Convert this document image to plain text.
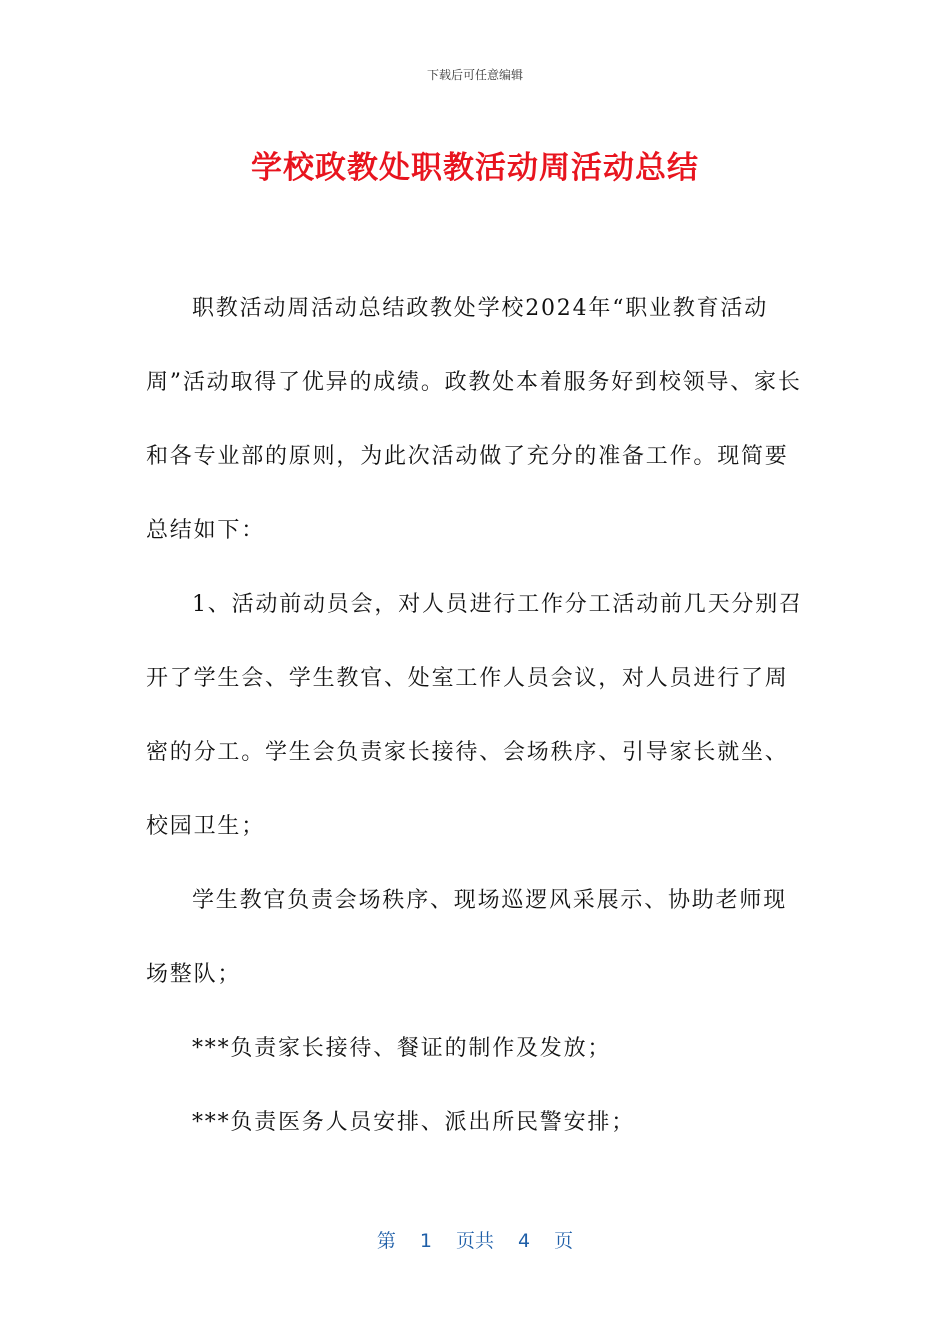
下载后可任意编辑
学校政教处职教活动周活动总结

职教活动周活动总结政教处学校2024年“职业教育活动周”活动取得了优异的成绩。政教处本着服务好到校领导、家长和各专业部的原则，为此次活动做了充分的准备工作。现简要总结如下：

1、活动前动员会，对人员进行工作分工活动前几天分别召开了学生会、学生教官、处室工作人员会议，对人员进行了周密的分工。学生会负责家长接待、会场秩序、引导家长就坐、校园卫生；

学生教官负责会场秩序、现场巡逻风采展示、协助老师现场整队；

***负责家长接待、餐证的制作及发放；

***负责医务人员安排、派出所民警安排；

第 1 页共 4 页
